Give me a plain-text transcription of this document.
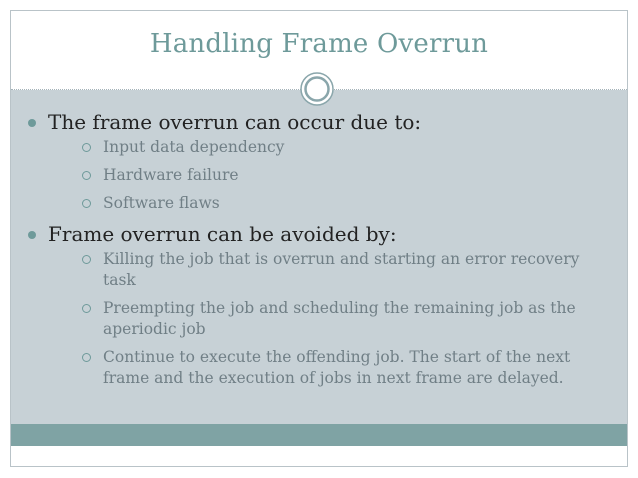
Handling Frame Overrun
The frame overrun can occur due to:
Input data dependency
Hardware failure
Software flaws
Frame overrun can be avoided by:
Killing the job that is overrun and starting an error recovery task
Preempting the job and scheduling the remaining job as the aperiodic job
Continue to execute the offending job. The start of the next frame and the execution of jobs in next frame are delayed.
